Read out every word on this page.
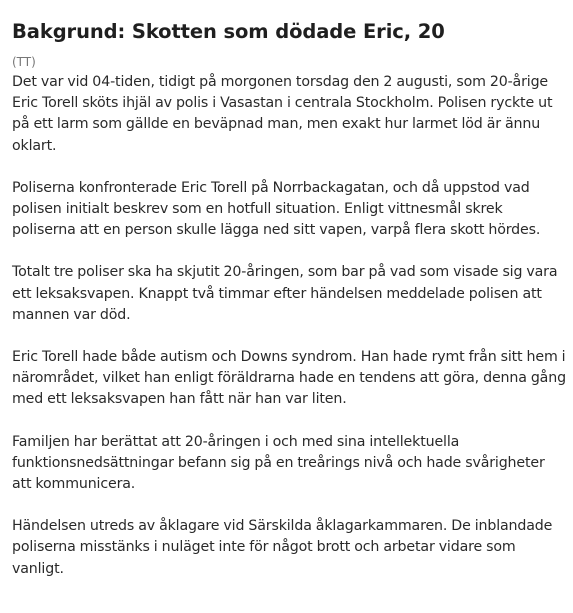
Bakgrund: Skotten som dödade Eric, 20

(TT)

Det var vid 04-tiden, tidigt på morgonen torsdag den 2 augusti, som 20-årige Eric Torell sköts ihjäl av polis i Vasastan i centrala Stockholm. Polisen ryckte ut på ett larm som gällde en beväpnad man, men exakt hur larmet löd är ännu oklart.

Poliserna konfronterade Eric Torell på Norrbackagatan, och då uppstod vad polisen initialt beskrev som en hotfull situation. Enligt vittnesmål skrek poliserna att en person skulle lägga ned sitt vapen, varpå flera skott hördes.

Totalt tre poliser ska ha skjutit 20-åringen, som bar på vad som visade sig vara ett leksaksvapen. Knappt två timmar efter händelsen meddelade polisen att mannen var död.

Eric Torell hade både autism och Downs syndrom. Han hade rymt från sitt hem i närområdet, vilket han enligt föräldrarna hade en tendens att göra, denna gång med ett leksaksvapen han fått när han var liten.

Familjen har berättat att 20-åringen i och med sina intellektuella funktionsnedsättningar befann sig på en treårings nivå och hade svårigheter att kommunicera.

Händelsen utreds av åklagare vid Särskilda åklagarkammaren. De inblandade poliserna misstänks i nuläget inte för något brott och arbetar vidare som vanligt.
